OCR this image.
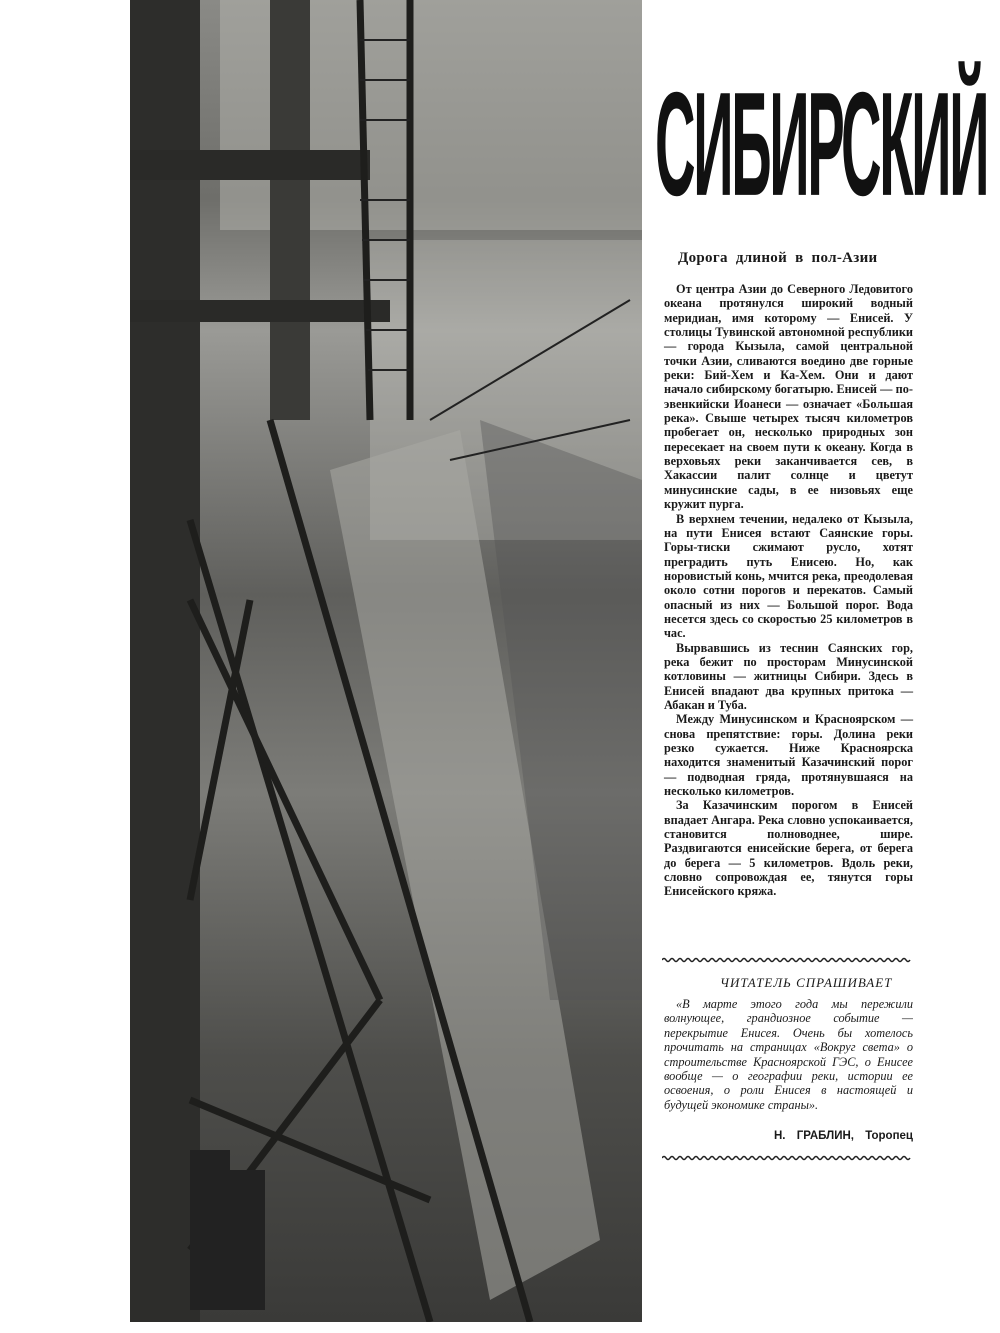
СИБИРСКИЙ
Дорога длиной в пол-Азии

От центра Азии до Северного Ледовитого океана протянулся широкий водный меридиан, имя которому — Енисей. У столицы Тувинской автономной республики — города Кызыла, самой центральной точки Азии, сливаются воедино две горные реки: Бий-Хем и Ка-Хем. Они и дают начало сибирскому богатырю. Енисей — по-эвенкийски Иоанеси — означает «Большая река». Свыше четырех тысяч километров пробегает он, несколько природных зон пересекает на своем пути к океану. Когда в верховьях реки заканчивается сев, в Хакассии палит солнце и цветут минусинские сады, в ее низовьях еще кружит пурга.

В верхнем течении, недалеко от Кызыла, на пути Енисея встают Саянские горы. Горы-тиски сжимают русло, хотят преградить путь Енисею. Но, как норовистый конь, мчится река, преодолевая около сотни порогов и перекатов. Самый опасный из них — Большой порог. Вода несется здесь со скоростью 25 километров в час.

Вырвавшись из теснин Саянских гор, река бежит по просторам Минусинской котловины — житницы Сибири. Здесь в Енисей впадают два крупных притока — Абакан и Туба.

Между Минусинском и Красноярском — снова препятствие: горы. Долина реки резко сужается. Ниже Красноярска находится знаменитый Казачинский порог — подводная гряда, протянувшаяся на несколько километров.

За Казачинским порогом в Енисей впадает Ангара. Река словно успокаивается, становится полноводнее, шире. Раздвигаются енисейские берега, от берега до берега — 5 километров. Вдоль реки, словно сопровождая ее, тянутся горы Енисейского кряжа.

ЧИТАТЕЛЬ СПРАШИВАЕТ

«В марте этого года мы пережили волнующее, грандиозное событие — перекрытие Енисея. Очень бы хотелось прочитать на страницах «Вокруг света» о строительстве Красноярской ГЭС, о Енисее вообще — о географии реки, истории ее освоения, о роли Енисея в настоящей и будущей экономике страны».

Н. ГРАБЛИН, Торопец
